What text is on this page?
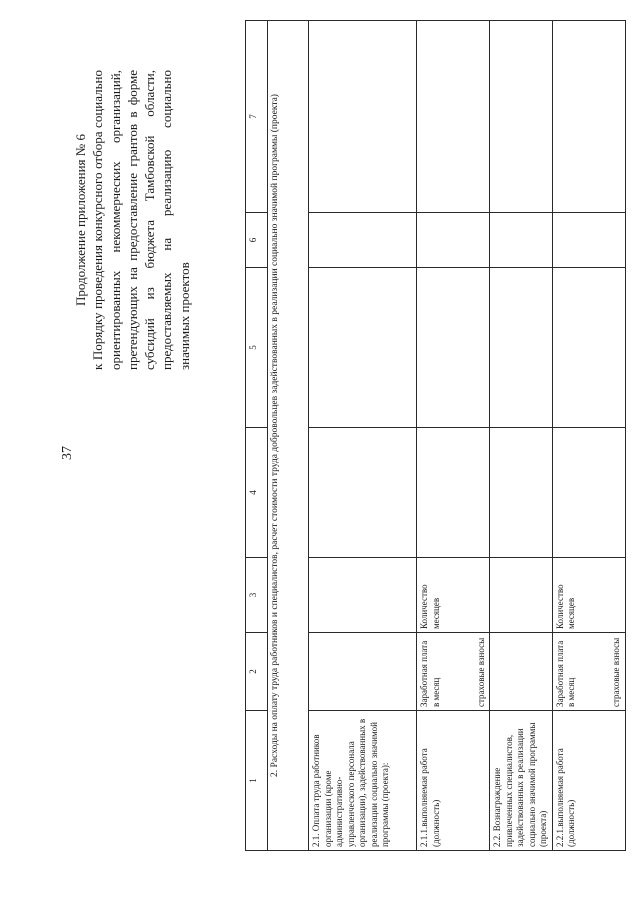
37
Продолжение приложения № 6 к Порядку проведения конкурсного отбора социально ориентированных некоммерческих организаций, претендующих на предоставление грантов в форме субсидий из бюджета Тамбовской области, предоставляемых на реализацию социально значимых проектов
1	2	3	4	5	6	7
2. Расходы на оплату труда работников и специалистов, расчет стоимости труда добровольцев задействованных в реализации социально значимой программы (проекта)						
2.1. Оплата труда работников организации (кроме административно-управленческого персонала организации), задействованных в реализации социально значимой программы (проекта):						
2.1.1.выполняемая работа (должность)	Заработная плата в месяц страховые взносы	Количество месяцев				
2.2. Вознаграждение привлеченных специалистов, задействованных в реализации социально значимой программы (проекта)						
2.2.1.выполняемая работа (должность)	Заработная плата в месяц страховые взносы	Количество месяцев				
